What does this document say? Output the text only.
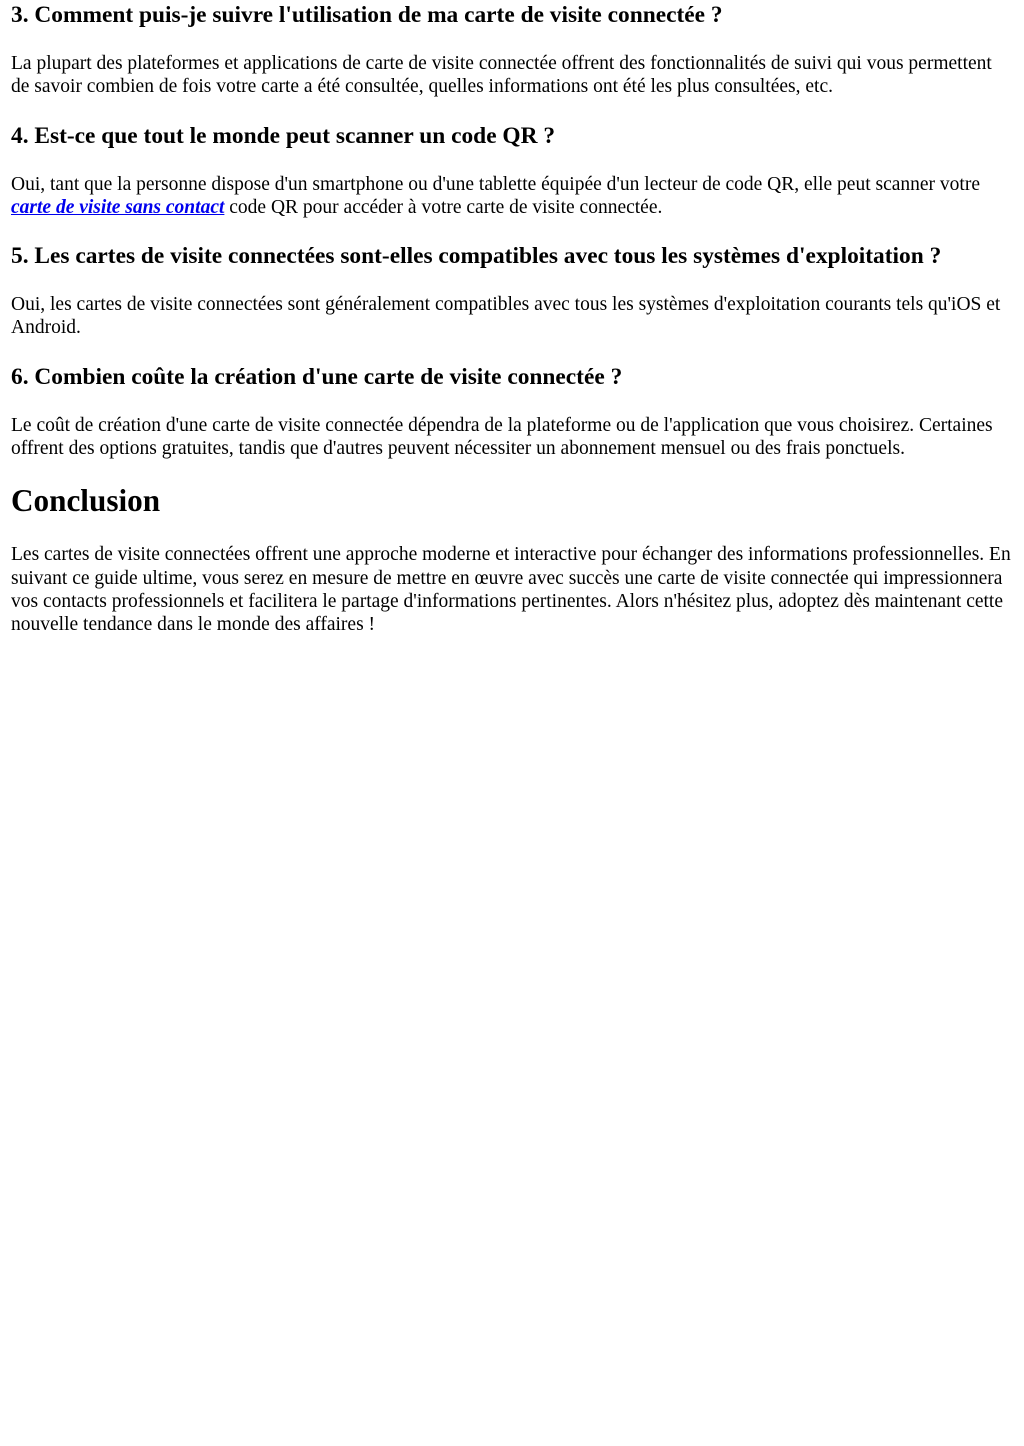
3. Comment puis-je suivre l'utilisation de ma carte de visite connectée ?

La plupart des plateformes et applications de carte de visite connectée offrent des fonctionnalités de suivi qui vous permettent de savoir combien de fois votre carte a été consultée, quelles informations ont été les plus consultées, etc.

4. Est-ce que tout le monde peut scanner un code QR ?

Oui, tant que la personne dispose d'un smartphone ou d'une tablette équipée d'un lecteur de code QR, elle peut scanner votre carte de visite sans contact code QR pour accéder à votre carte de visite connectée.

5. Les cartes de visite connectées sont-elles compatibles avec tous les systèmes d'exploitation ?

Oui, les cartes de visite connectées sont généralement compatibles avec tous les systèmes d'exploitation courants tels qu'iOS et Android.

6. Combien coûte la création d'une carte de visite connectée ?

Le coût de création d'une carte de visite connectée dépendra de la plateforme ou de l'application que vous choisirez. Certaines offrent des options gratuites, tandis que d'autres peuvent nécessiter un abonnement mensuel ou des frais ponctuels.

Conclusion

Les cartes de visite connectées offrent une approche moderne et interactive pour échanger des informations professionnelles. En suivant ce guide ultime, vous serez en mesure de mettre en œuvre avec succès une carte de visite connectée qui impressionnera vos contacts professionnels et facilitera le partage d'informations pertinentes. Alors n'hésitez plus, adoptez dès maintenant cette nouvelle tendance dans le monde des affaires !
